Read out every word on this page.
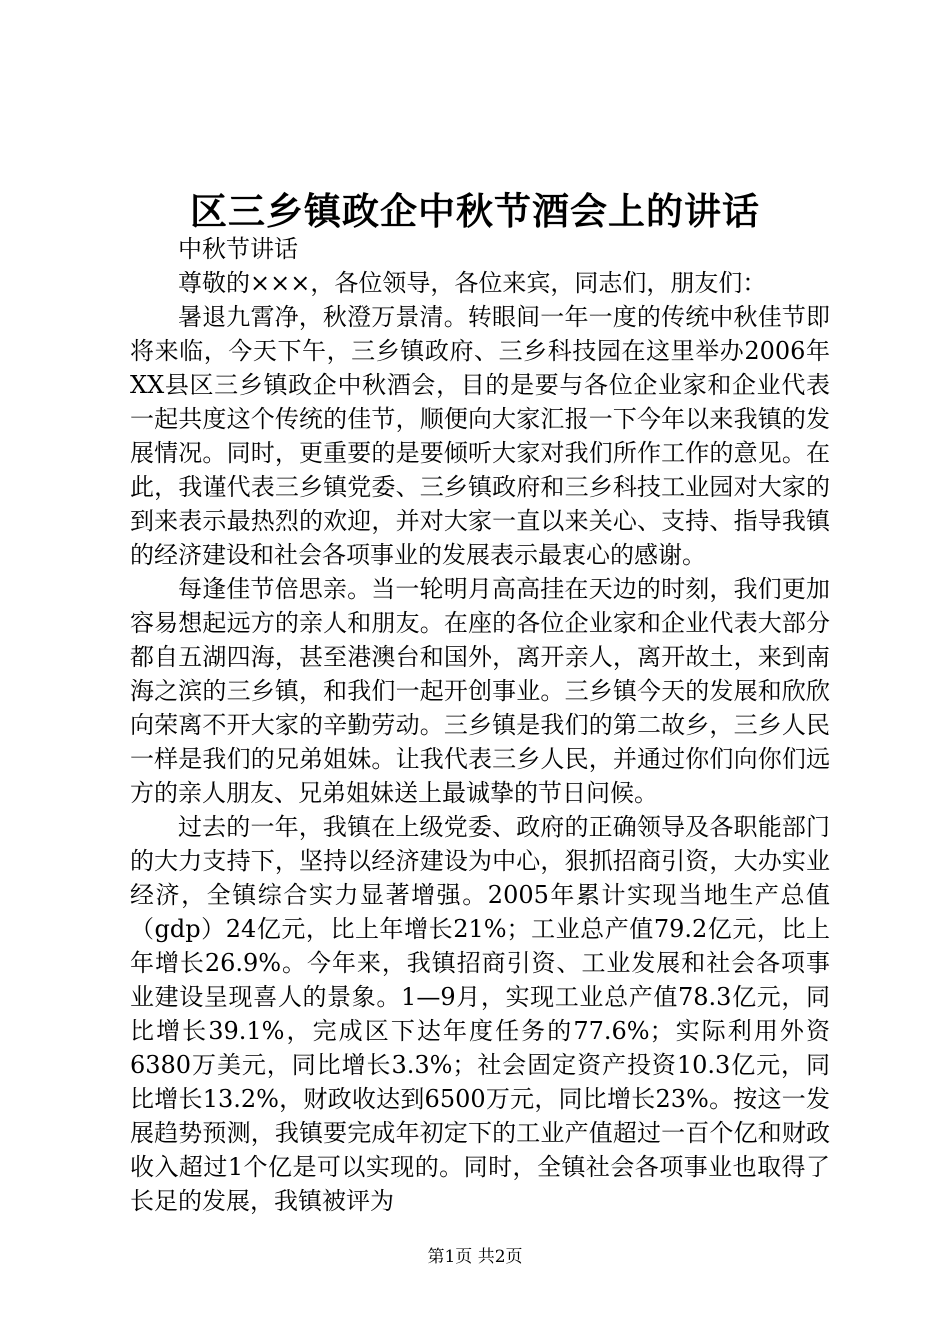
区三乡镇政企中秋节酒会上的讲话

中秋节讲话

尊敬的×××，各位领导，各位来宾，同志们，朋友们：

暑退九霄净，秋澄万景清。转眼间一年一度的传统中秋佳节即将来临，今天下午，三乡镇政府、三乡科技园在这里举办2006年XX县区三乡镇政企中秋酒会，目的是要与各位企业家和企业代表一起共度这个传统的佳节，顺便向大家汇报一下今年以来我镇的发展情况。同时，更重要的是要倾听大家对我们所作工作的意见。在此，我谨代表三乡镇党委、三乡镇政府和三乡科技工业园对大家的到来表示最热烈的欢迎，并对大家一直以来关心、支持、指导我镇的经济建设和社会各项事业的发展表示最衷心的感谢。

每逢佳节倍思亲。当一轮明月高高挂在天边的时刻，我们更加容易想起远方的亲人和朋友。在座的各位企业家和企业代表大部分都自五湖四海，甚至港澳台和国外，离开亲人，离开故土，来到南海之滨的三乡镇，和我们一起开创事业。三乡镇今天的发展和欣欣向荣离不开大家的辛勤劳动。三乡镇是我们的第二故乡，三乡人民一样是我们的兄弟姐妹。让我代表三乡人民，并通过你们向你们远方的亲人朋友、兄弟姐妹送上最诚挚的节日问候。

过去的一年，我镇在上级党委、政府的正确领导及各职能部门的大力支持下，坚持以经济建设为中心，狠抓招商引资，大办实业经济，全镇综合实力显著增强。2005年累计实现当地生产总值（gdp）24亿元，比上年增长21%；工业总产值79.2亿元，比上年增长26.9%。今年来，我镇招商引资、工业发展和社会各项事业建设呈现喜人的景象。1—9月，实现工业总产值78.3亿元，同比增长39.1%，完成区下达年度任务的77.6%；实际利用外资6380万美元，同比增长3.3%；社会固定资产投资10.3亿元，同比增长13.2%，财政收达到6500万元，同比增长23%。按这一发展趋势预测，我镇要完成年初定下的工业产值超过一百个亿和财政收入超过1个亿是可以实现的。同时，全镇社会各项事业也取得了长足的发展，我镇被评为

第1页 共2页
